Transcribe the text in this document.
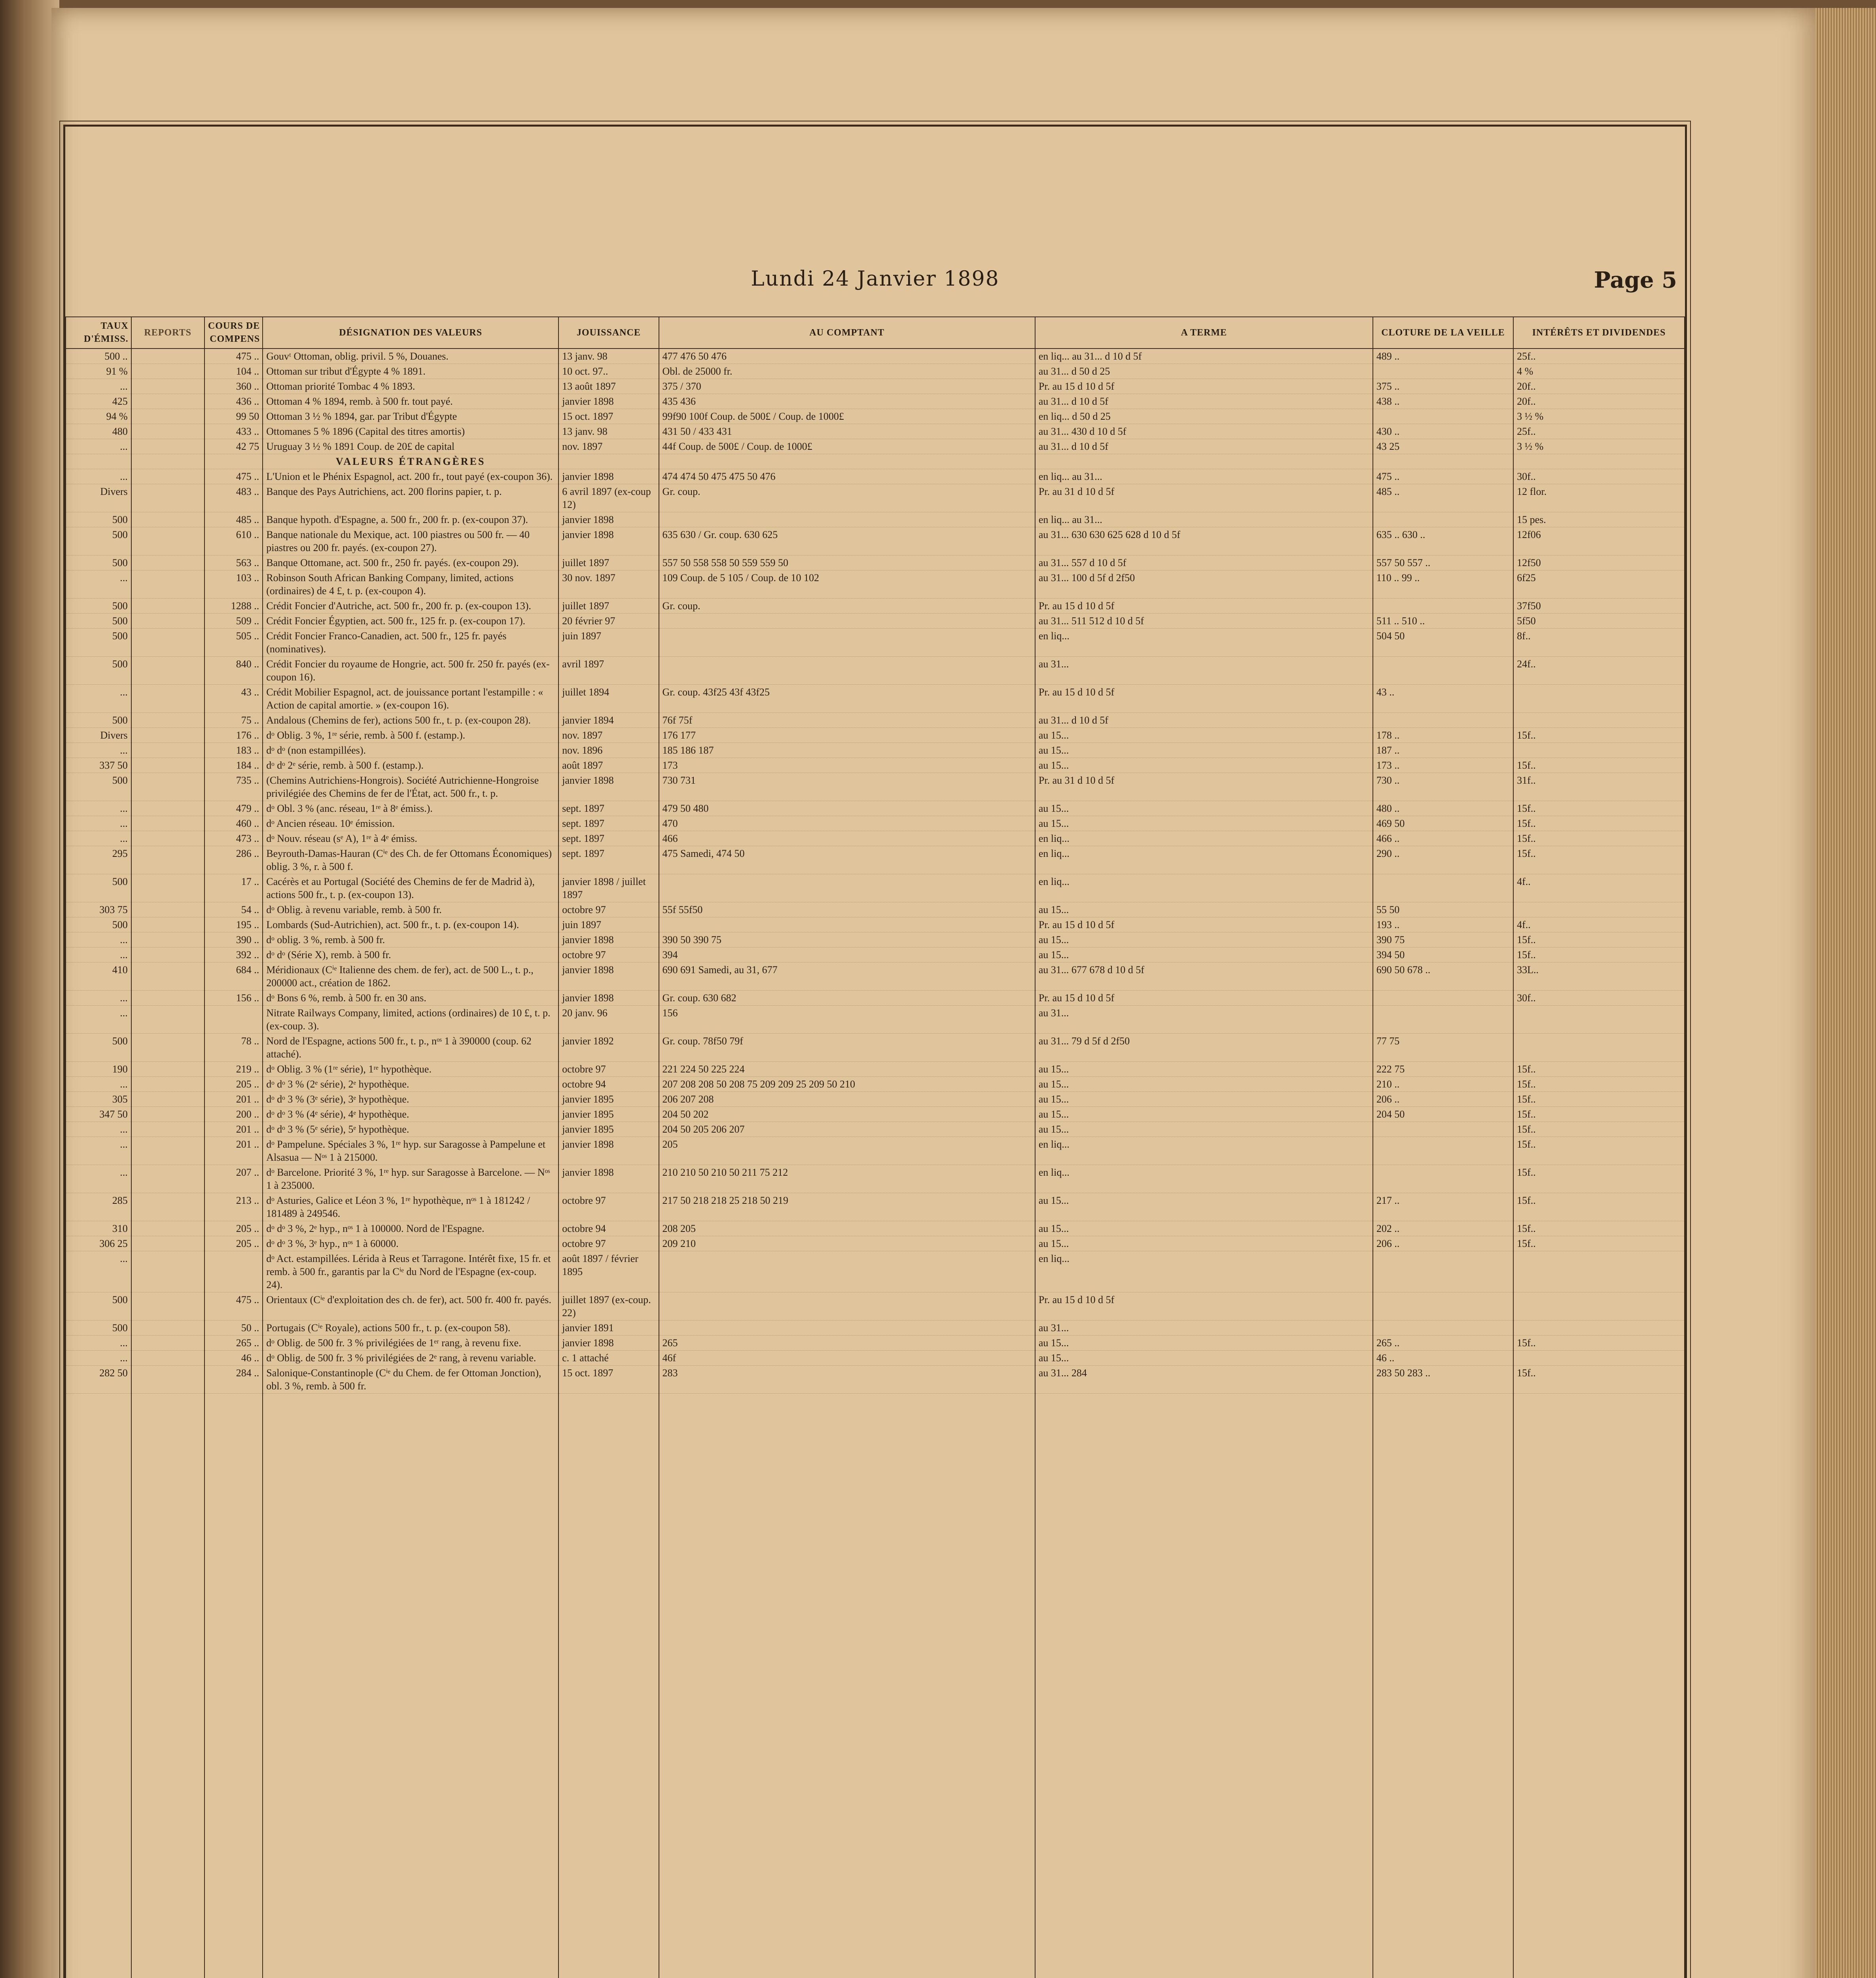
Lundi 24 Janvier 1898	Page 5
TAUX D'ÉMISS.	REPORTS	COURS DE COMPENS	DÉSIGNATION DES VALEURS	JOUISSANCE	AU COMPTANT	A TERME	CLOTURE DE LA VEILLE	INTÉRÊTS ET DIVIDENDES
500 ..		475 ..	Gouvᵗ Ottoman, oblig. privil. 5 %, Douanes.	13 janv. 98	477 476 50 476	en liq... au 31... d 10 d 5f	489 ..	25f..
91 %		104 ..	Ottoman sur tribut d'Égypte 4 % 1891.	10 oct. 97..	Obl. de 25000 fr.	au 31... d 50 d 25		4 %
...		360 ..	Ottoman priorité Tombac 4 % 1893.	13 août 1897	375 / 370	Pr. au 15 d 10 d 5f	375 ..	20f..
425		436 ..	Ottoman 4 % 1894, remb. à 500 fr. tout payé.	janvier 1898	435 436	au 31... d 10 d 5f	438 ..	20f..
94 %		99 50	Ottoman 3 ½ % 1894, gar. par Tribut d'Égypte	15 oct. 1897	99f90 100f Coup. de 500£ / Coup. de 1000£	en liq... d 50 d 25		3 ½ %
480		433 ..	Ottomanes 5 % 1896 (Capital des titres amortis)	13 janv. 98	431 50 / 433 431	au 31... 430 d 10 d 5f	430 ..	25f..
...		42 75	Uruguay 3 ½ % 1891 Coup. de 20£ de capital	nov. 1897	44f Coup. de 500£ / Coup. de 1000£	au 31... d 10 d 5f	43 25	3 ½ %
			VALEURS ÉTRANGÈRES					
...		475 ..	L'Union et le Phénix Espagnol, act. 200 fr., tout payé (ex-coupon 36).	janvier 1898	474 474 50 475 475 50 476	en liq... au 31...	475 ..	30f..
Divers		483 ..	Banque des Pays Autrichiens, act. 200 florins papier, t. p.	6 avril 1897 (ex-coup 12)	Gr. coup.	Pr. au 31 d 10 d 5f	485 ..	12 flor.
500		485 ..	Banque hypoth. d'Espagne, a. 500 fr., 200 fr. p. (ex-coupon 37).	janvier 1898		en liq... au 31...		15 pes.
500		610 ..	Banque nationale du Mexique, act. 100 piastres ou 500 fr. — 40 piastres ou 200 fr. payés. (ex-coupon 27).	janvier 1898	635 630 / Gr. coup. 630 625	au 31... 630 630 625 628 d 10 d 5f	635 .. 630 ..	12f06
500		563 ..	Banque Ottomane, act. 500 fr., 250 fr. payés. (ex-coupon 29).	juillet 1897	557 50 558 558 50 559 559 50	au 31... 557 d 10 d 5f	557 50 557 ..	12f50
...		103 ..	Robinson South African Banking Company, limited, actions (ordinaires) de 4 £, t. p. (ex-coupon 4).	30 nov. 1897	109 Coup. de 5 105 / Coup. de 10 102	au 31... 100 d 5f d 2f50	110 .. 99 ..	6f25
500		1288 ..	Crédit Foncier d'Autriche, act. 500 fr., 200 fr. p. (ex-coupon 13).	juillet 1897	Gr. coup.	Pr. au 15 d 10 d 5f		37f50
500		509 ..	Crédit Foncier Égyptien, act. 500 fr., 125 fr. p. (ex-coupon 17).	20 février 97		au 31... 511 512 d 10 d 5f	511 .. 510 ..	5f50
500		505 ..	Crédit Foncier Franco-Canadien, act. 500 fr., 125 fr. payés (nominatives).	juin 1897		en liq...	504 50	8f..
500		840 ..	Crédit Foncier du royaume de Hongrie, act. 500 fr. 250 fr. payés (ex-coupon 16).	avril 1897		au 31...		24f..
...		43 ..	Crédit Mobilier Espagnol, act. de jouissance portant l'estampille : « Action de capital amortie. » (ex-coupon 16).	juillet 1894	Gr. coup. 43f25 43f 43f25	Pr. au 15 d 10 d 5f	43 ..	
500		75 ..	Andalous (Chemins de fer), actions 500 fr., t. p. (ex-coupon 28).	janvier 1894	76f 75f	au 31... d 10 d 5f		
Divers		176 ..	dᵒ Oblig. 3 %, 1ʳᵉ série, remb. à 500 f. (estamp.).	nov. 1897	176 177	au 15...	178 ..	15f..
...		183 ..	dᵒ dᵒ (non estampillées).	nov. 1896	185 186 187	au 15...	187 ..	
337 50		184 ..	dᵒ dᵒ 2ᵉ série, remb. à 500 f. (estamp.).	août 1897	173	au 15...	173 ..	15f..
500		735 ..	(Chemins Autrichiens-Hongrois). Société Autrichienne-Hongroise privilégiée des Chemins de fer de l'État, act. 500 fr., t. p.	janvier 1898	730 731	Pr. au 31 d 10 d 5f	730 ..	31f..
...		479 ..	dᵒ Obl. 3 % (anc. réseau, 1ʳᵉ à 8ᵉ émiss.).	sept. 1897	479 50 480	au 15...	480 ..	15f..
...		460 ..	dᵒ Ancien réseau. 10ᵉ émission.	sept. 1897	470	au 15...	469 50	15f..
...		473 ..	dᵒ Nouv. réseau (sᵉ A), 1ʳᵉ à 4ᵉ émiss.	sept. 1897	466	en liq...	466 ..	15f..
295		286 ..	Beyrouth-Damas-Hauran (Cⁱᵉ des Ch. de fer Ottomans Économiques) oblig. 3 %, r. à 500 f.	sept. 1897	475 Samedi, 474 50	en liq...	290 ..	15f..
500		17 ..	Cacérès et au Portugal (Société des Chemins de fer de Madrid à), actions 500 fr., t. p. (ex-coupon 13).	janvier 1898 / juillet 1897		en liq...		4f..
303 75		54 ..	dᵒ Oblig. à revenu variable, remb. à 500 fr.	octobre 97	55f 55f50	au 15...	55 50	
500		195 ..	Lombards (Sud-Autrichien), act. 500 fr., t. p. (ex-coupon 14).	juin 1897		Pr. au 15 d 10 d 5f	193 ..	4f..
...		390 ..	dᵒ oblig. 3 %, remb. à 500 fr.	janvier 1898	390 50 390 75	au 15...	390 75	15f..
...		392 ..	dᵒ dᵒ (Série X), remb. à 500 fr.	octobre 97	394	au 15...	394 50	15f..
410		684 ..	Méridionaux (Cⁱᵉ Italienne des chem. de fer), act. de 500 L., t. p., 200000 act., création de 1862.	janvier 1898	690 691 Samedi, au 31, 677	au 31... 677 678 d 10 d 5f	690 50 678 ..	33L..
...		156 ..	dᵒ Bons 6 %, remb. à 500 fr. en 30 ans.	janvier 1898	Gr. coup. 630 682	Pr. au 15 d 10 d 5f		30f..
...			Nitrate Railways Company, limited, actions (ordinaires) de 10 £, t. p. (ex-coup. 3).	20 janv. 96	156	au 31...		
500		78 ..	Nord de l'Espagne, actions 500 fr., t. p., nᵒˢ 1 à 390000 (coup. 62 attaché).	janvier 1892	Gr. coup. 78f50 79f	au 31... 79 d 5f d 2f50	77 75	
190		219 ..	dᵒ Oblig. 3 % (1ʳᵉ série), 1ʳᵉ hypothèque.	octobre 97	221 224 50 225 224	au 15...	222 75	15f..
...		205 ..	dᵒ dᵒ 3 % (2ᵉ série), 2ᵉ hypothèque.	octobre 94	207 208 208 50 208 75 209 209 25 209 50 210	au 15...	210 ..	15f..
305		201 ..	dᵒ dᵒ 3 % (3ᵉ série), 3ᵉ hypothèque.	janvier 1895	206 207 208	au 15...	206 ..	15f..
347 50		200 ..	dᵒ dᵒ 3 % (4ᵉ série), 4ᵉ hypothèque.	janvier 1895	204 50 202	au 15...	204 50	15f..
...		201 ..	dᵒ dᵒ 3 % (5ᵉ série), 5ᵉ hypothèque.	janvier 1895	204 50 205 206 207	au 15...		15f..
...		201 ..	dᵒ Pampelune. Spéciales 3 %, 1ʳᵉ hyp. sur Saragosse à Pampelune et Alsasua — Nᵒˢ 1 à 215000.	janvier 1898	205	en liq...		15f..
...		207 ..	dᵒ Barcelone. Priorité 3 %, 1ʳᵉ hyp. sur Saragosse à Barcelone. — Nᵒˢ 1 à 235000.	janvier 1898	210 210 50 210 50 211 75 212	en liq...		15f..
285		213 ..	dᵒ Asturies, Galice et Léon 3 %, 1ʳᵉ hypothèque, nᵒˢ 1 à 181242 / 181489 à 249546.	octobre 97	217 50 218 218 25 218 50 219	au 15...	217 ..	15f..
310		205 ..	dᵒ dᵒ 3 %, 2ᵉ hyp., nᵒˢ 1 à 100000. Nord de l'Espagne.	octobre 94	208 205	au 15...	202 ..	15f..
306 25		205 ..	dᵒ dᵒ 3 %, 3ᵉ hyp., nᵒˢ 1 à 60000.	octobre 97	209 210	au 15...	206 ..	15f..
...			dᵒ Act. estampillées. Lérida à Reus et Tarragone. Intérêt fixe, 15 fr. et remb. à 500 fr., garantis par la Cⁱᵉ du Nord de l'Espagne (ex-coup. 24).	août 1897 / février 1895		en liq...		
500		475 ..	Orientaux (Cⁱᵉ d'exploitation des ch. de fer), act. 500 fr. 400 fr. payés.	juillet 1897 (ex-coup. 22)		Pr. au 15 d 10 d 5f		
500		50 ..	Portugais (Cⁱᵉ Royale), actions 500 fr., t. p. (ex-coupon 58).	janvier 1891		au 31...		
...		265 ..	dᵒ Oblig. de 500 fr. 3 % privilégiées de 1ᵉʳ rang, à revenu fixe.	janvier 1898	265	au 15...	265 ..	15f..
...		46 ..	dᵒ Oblig. de 500 fr. 3 % privilégiées de 2ᵉ rang, à revenu variable.	c. 1 attaché	46f	au 15...	46 ..	
282 50		284 ..	Salonique-Constantinople (Cⁱᵉ du Chem. de fer Ottoman Jonction), obl. 3 %, remb. à 500 fr.	15 oct. 1897	283	au 31... 284	283 50 283 ..	15f..
